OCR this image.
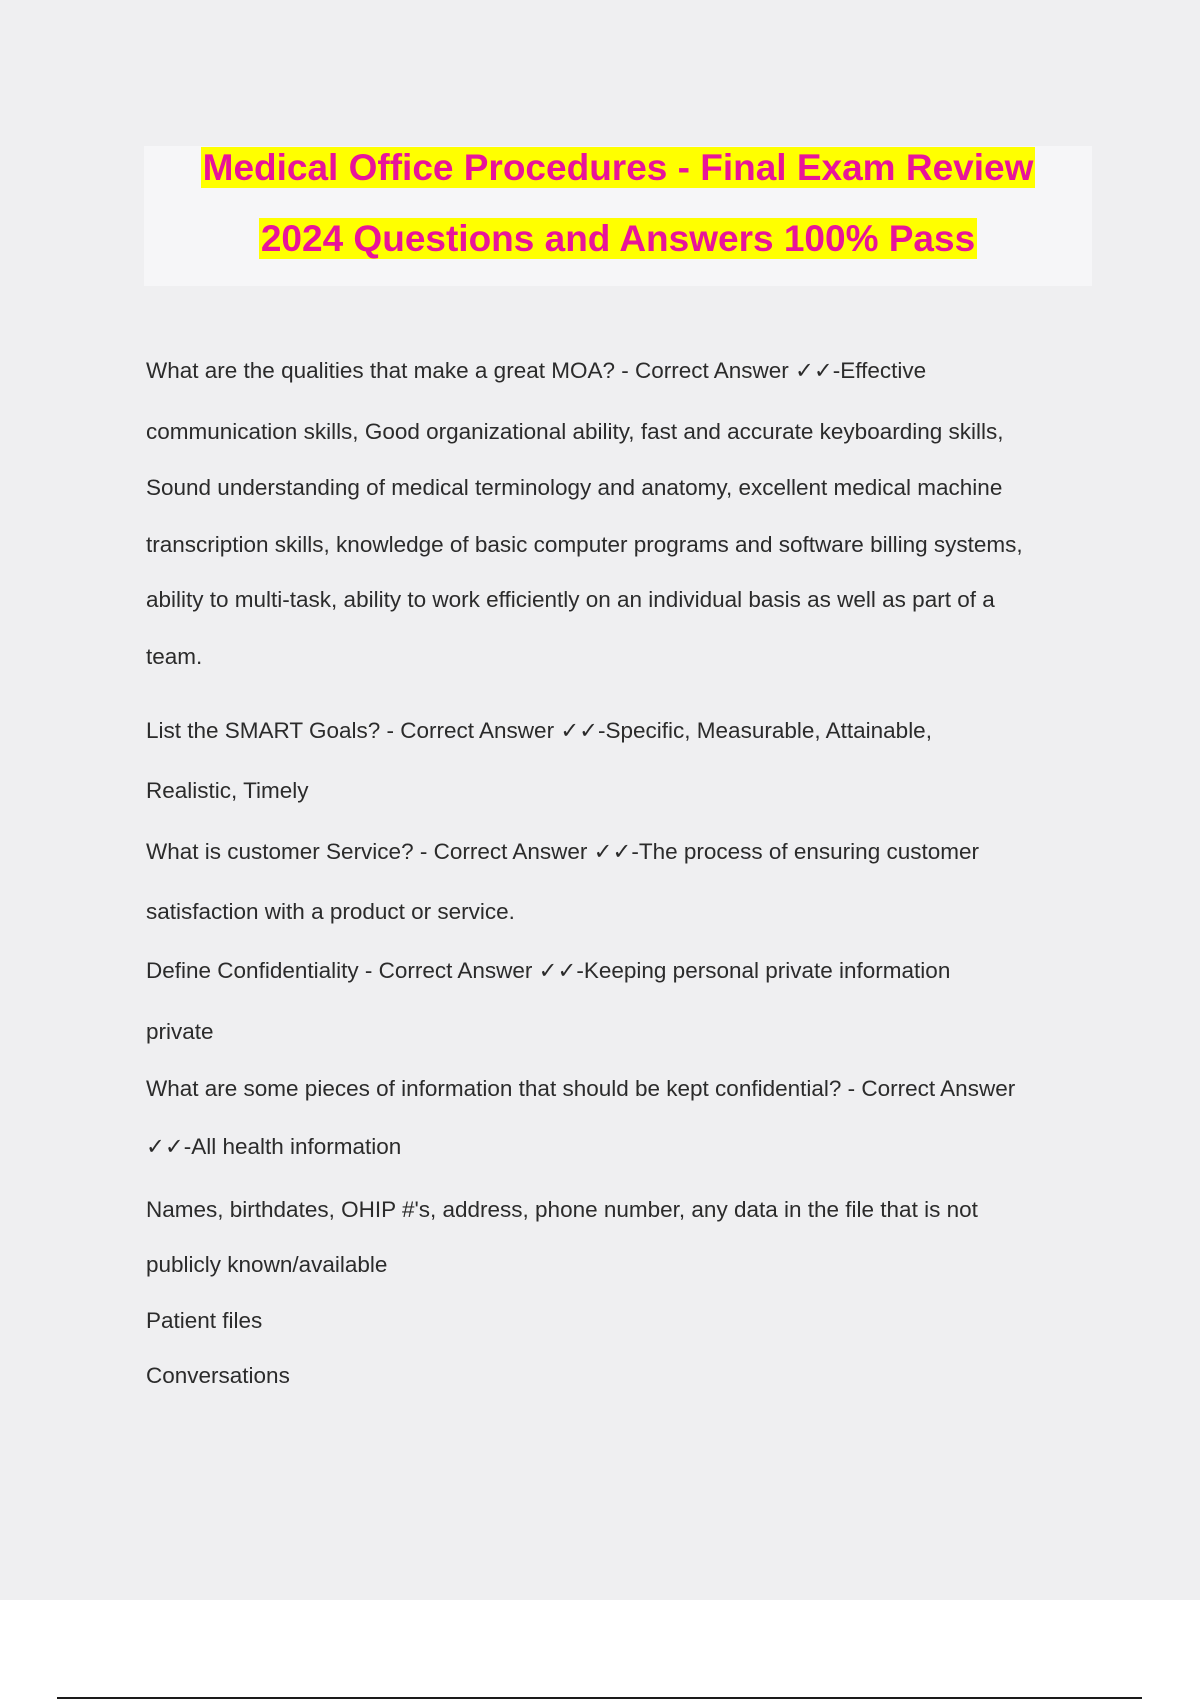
Medical Office Procedures - Final Exam Review
2024 Questions and Answers 100% Pass
What are the qualities that make a great MOA? - Correct Answer ✓✓-Effective
communication skills, Good organizational ability, fast and accurate keyboarding skills,
Sound understanding of medical terminology and anatomy, excellent medical machine
transcription skills, knowledge of basic computer programs and software billing systems,
ability to multi-task, ability to work efficiently on an individual basis as well as part of a
team.
List the SMART Goals? - Correct Answer ✓✓-Specific, Measurable, Attainable,
Realistic, Timely
What is customer Service? - Correct Answer ✓✓-The process of ensuring customer
satisfaction with a product or service.
Define Confidentiality - Correct Answer ✓✓-Keeping personal private information
private
What are some pieces of information that should be kept confidential? - Correct Answer
✓✓-All health information
Names, birthdates, OHIP #'s, address, phone number, any data in the file that is not
publicly known/available
Patient files
Conversations
